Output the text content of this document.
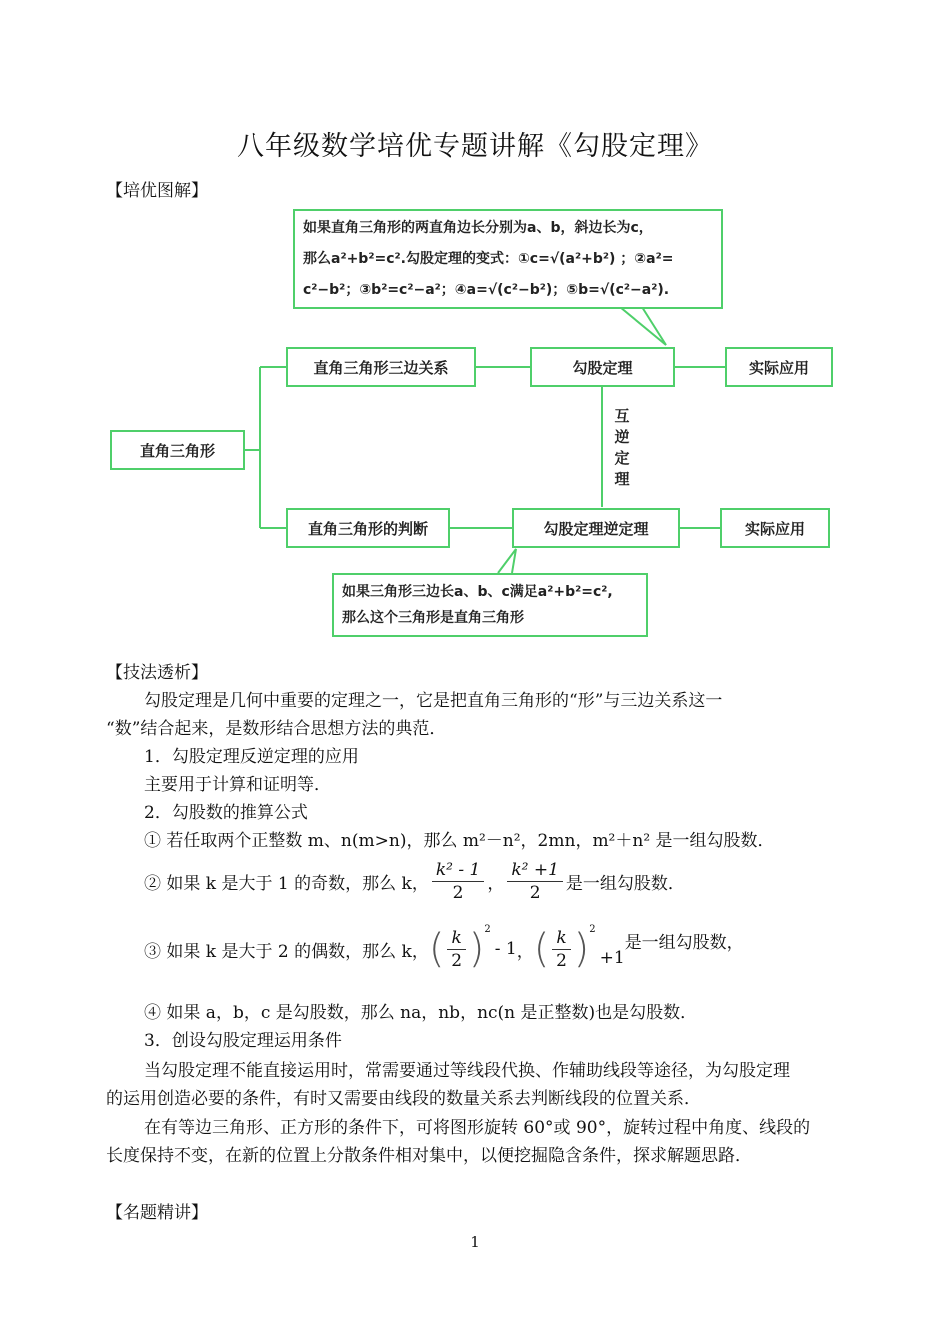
八年级数学培优专题讲解《勾股定理》
【培优图解】
如果直角三角形的两直角边长分别为a、b，斜边长为c，
那么a²+b²=c².勾股定理的变式：①c=√(a²+b²) ；②a²=
c²−b²；③b²=c²−a²；④a=√(c²−b²)；⑤b=√(c²−a²).
直角三角形
直角三角形三边关系
直角三角形的判断
勾股定理
勾股定理逆定理
实际应用
实际应用
互
逆
定
理
如果三角形三边长a、b、c满足a²+b²=c²,
那么这个三角形是直角三角形
【技法透析】
勾股定理是几何中重要的定理之一，它是把直角三角形的“形”与三边关系这一
“数”结合起来，是数形结合思想方法的典范．
1．勾股定理反逆定理的应用
主要用于计算和证明等．
2．勾股数的推算公式
① 若任取两个正整数 m、n(m>n)，那么 m²－n²，2mn，m²＋n² 是一组勾股数．
② 如果 k 是大于 1 的奇数，那么 k， $\frac{\text{k² - 1}}{2}$ ， $\frac{\text{k² +1}}{2}$ 是一组勾股数．
③ 如果 k 是大于 2 的偶数，那么 k， ( $\frac{k}{2} )^2$
- 1 ， ( $\frac{k}{2} )^2$
+1
是一组勾股数，
④ 如果 a，b，c 是勾股数，那么 na，nb，nc(n 是正整数)也是勾股数．
3．创设勾股定理运用条件
当勾股定理不能直接运用时，常需要通过等线段代换、作辅助线段等途径，为勾股定理
的运用创造必要的条件，有时又需要由线段的数量关系去判断线段的位置关系．
在有等边三角形、正方形的条件下，可将图形旋转 60°或 90°，旋转过程中角度、线段的
长度保持不变，在新的位置上分散条件相对集中，以便挖掘隐含条件，探求解题思路．
【名题精讲】
1
